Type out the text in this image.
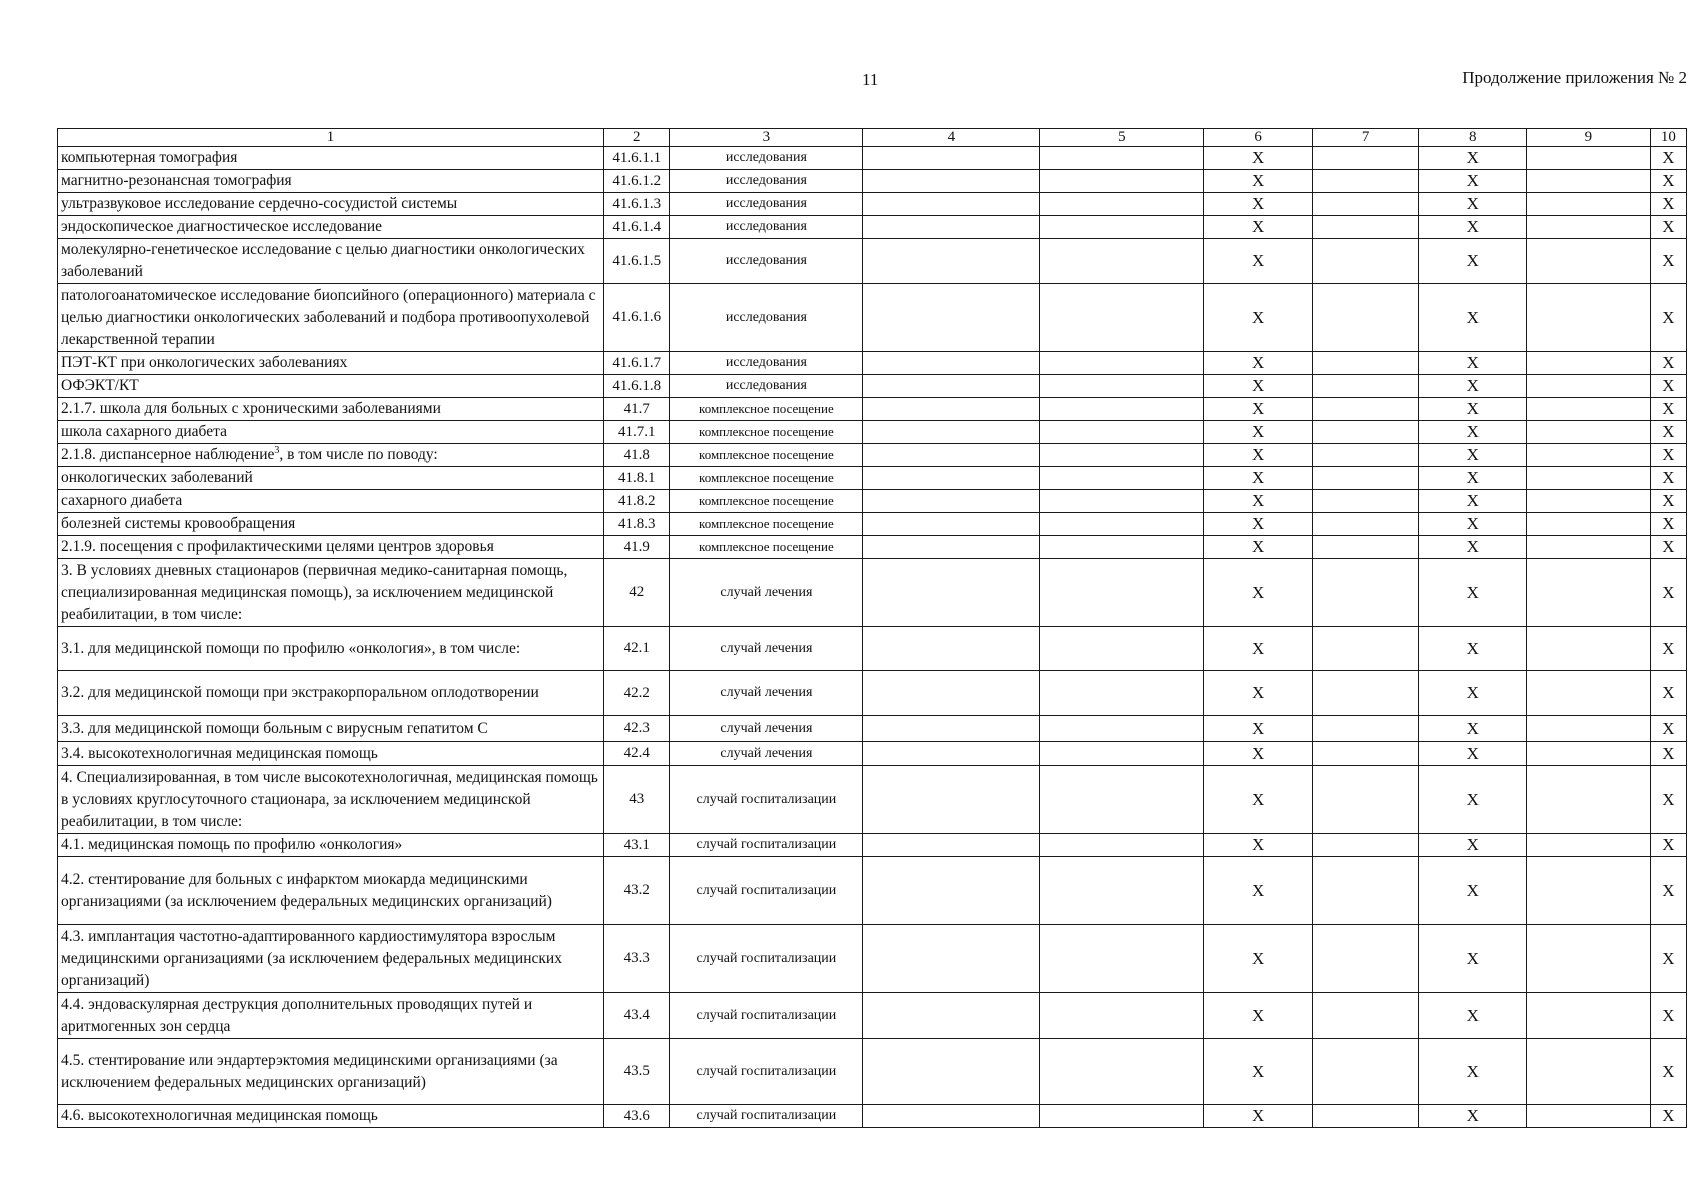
11	Продолжение приложения № 2
1	2	3	4	5	6	7	8	9	10
компьютерная томография	41.6.1.1	исследования			X		X		X
магнитно-резонансная томография	41.6.1.2	исследования			X		X		X
ультразвуковое исследование сердечно-сосудистой системы	41.6.1.3	исследования			X		X		X
эндоскопическое диагностическое исследование	41.6.1.4	исследования			X		X		X
молекулярно-генетическое исследование с целью диагностики онкологических заболеваний	41.6.1.5	исследования			X		X		X
патологоанатомическое исследование биопсийного (операционного) материала с целью диагностики онкологических заболеваний и подбора противоопухолевой лекарственной терапии	41.6.1.6	исследования			X		X		X
ПЭТ-КТ при онкологических заболеваниях	41.6.1.7	исследования			X		X		X
ОФЭКТ/КТ	41.6.1.8	исследования			X		X		X
2.1.7. школа для больных с хроническими заболеваниями	41.7	комплексное посещение			X		X		X
школа сахарного диабета	41.7.1	комплексное посещение			X		X		X
2.1.8. диспансерное наблюдение$^3$, в том числе по поводу:	41.8	комплексное посещение			X		X		X
онкологических заболеваний	41.8.1	комплексное посещение			X		X		X
сахарного диабета	41.8.2	комплексное посещение			X		X		X
болезней системы кровообращения	41.8.3	комплексное посещение			X		X		X
2.1.9. посещения с профилактическими целями центров здоровья	41.9	комплексное посещение			X		X		X
3. В условиях дневных стационаров (первичная медико-санитарная помощь, специализированная медицинская помощь), за исключением медицинской реабилитации, в том числе:	42	случай лечения			X		X		X
3.1. для медицинской помощи по профилю «онкология», в том числе:	42.1	случай лечения			X		X		X
3.2. для медицинской помощи при экстракорпоральном оплодотворении	42.2	случай лечения			X		X		X
3.3. для медицинской помощи больным с вирусным гепатитом С	42.3	случай лечения			X		X		X
3.4. высокотехнологичная медицинская помощь	42.4	случай лечения			X		X		X
4. Специализированная, в том числе высокотехнологичная, медицинская помощь в условиях круглосуточного стационара, за исключением медицинской реабилитации, в том числе:	43	случай госпитализации			X		X		X
4.1. медицинская помощь по профилю «онкология»	43.1	случай госпитализации			X		X		X
4.2. стентирование для больных с инфарктом миокарда медицинскими организациями (за исключением федеральных медицинских организаций)	43.2	случай госпитализации			X		X		X
4.3. имплантация частотно-адаптированного кардиостимулятора взрослым медицинскими организациями (за исключением федеральных медицинских организаций)	43.3	случай госпитализации			X		X		X
4.4. эндоваскулярная деструкция дополнительных проводящих путей и аритмогенных зон сердца	43.4	случай госпитализации			X		X		X
4.5. стентирование или эндартерэктомия медицинскими организациями (за исключением федеральных медицинских организаций)	43.5	случай госпитализации			X		X		X
4.6. высокотехнологичная медицинская помощь	43.6	случай госпитализации			X		X		X
